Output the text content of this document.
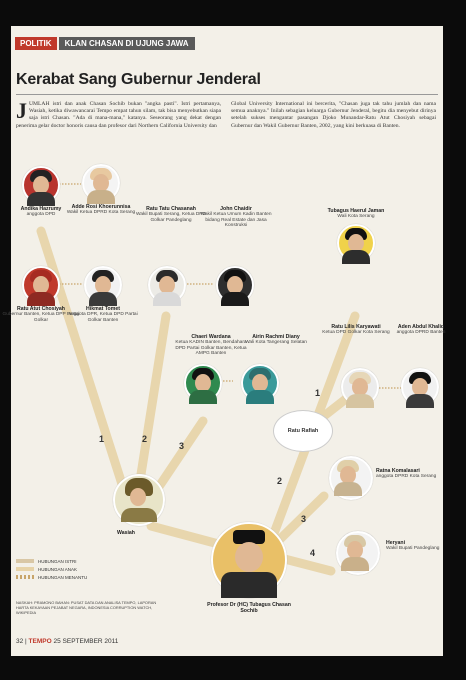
POLITIK	KLAN CHASAN DI UJUNG JAWA
Kerabat Sang Gubernur Jenderal
JUMLAH istri dan anak Chasan Sochib bukan "angka pasti". Istri pertamanya, Wasiah, ketika diwawancarai Tempo empat tahun silam, tak bisa menyebutkan siapa saja istri Chasan. "Ada di mana-mana," katanya. Seseorang yang dekat dengan penerima gelar doctor honoris causa dan profesor dari Northern California University dan
Global University International ini bercerita, "Chasan juga tak tahu jumlah dan nama semua anaknya." Inilah sebagian keluarga Gubernur Jenderal, begitu dia menyebut dirinya setelah sukses mengantar pasangan Djoko Munandar-Ratu Atut Chosiyah sebagai Gubernur dan Wakil Gubernur Banten, 2002, yang kini berkuasa di Banten.
1	2
3
1
2
3
4
Andika Hazrumy
anggota DPD
Adde Rosi Khoerunnisa
Wakil Ketua DPRD Kota Serang
Ratu Tatu Chasanah
Wakil Bupati Serang, Ketua DPD Golkar Pandeglang
John Chaidir
Wakil Ketua Umum Kadin Banten bidang Real Estate dan Jasa Konstruksi
Tubagus Haerul Jaman
Wali Kota Serang
Ratu Atut Chosiyah
Gubernur Banten, Ketua DPP Partai Golkar
Hikmat Tomet
anggota DPR, Ketua DPD Partai Golkar Banten
Chaeri Wardana
Ketua KADIN Banten, Bendahara DPD Partai Golkar Banten, Ketua AMPG Banten
Airin Rachmi Diany
Wali Kota Tangerang Selatan
Ratu Lilis Karyawati
Ketua DPD Golkar Kota Serang
Aden Abdul Khaliq
anggota DPRD Banten
Ratu Rafiah
Ratna Komalasari
anggota DPRD Kota Serang
Heryani
Wakil Bupati Pandeglang
Wasiah
Profesor Dr (HC) Tubagus Chasan Sochib
HUBUNGAN ISTRI
HUBUNGAN ANAK
HUBUNGAN MENANTU
NASKAH: PRAMONO BAHAN: PUSAT DATA DAN ANALISA TEMPO, LAPORAN HARTA KEKAYAAN PEJABAT NEGARA, INDONESIA CORRUPTION WATCH, WIKIPEDIA
32 | TEMPO 25 SEPTEMBER 2011
